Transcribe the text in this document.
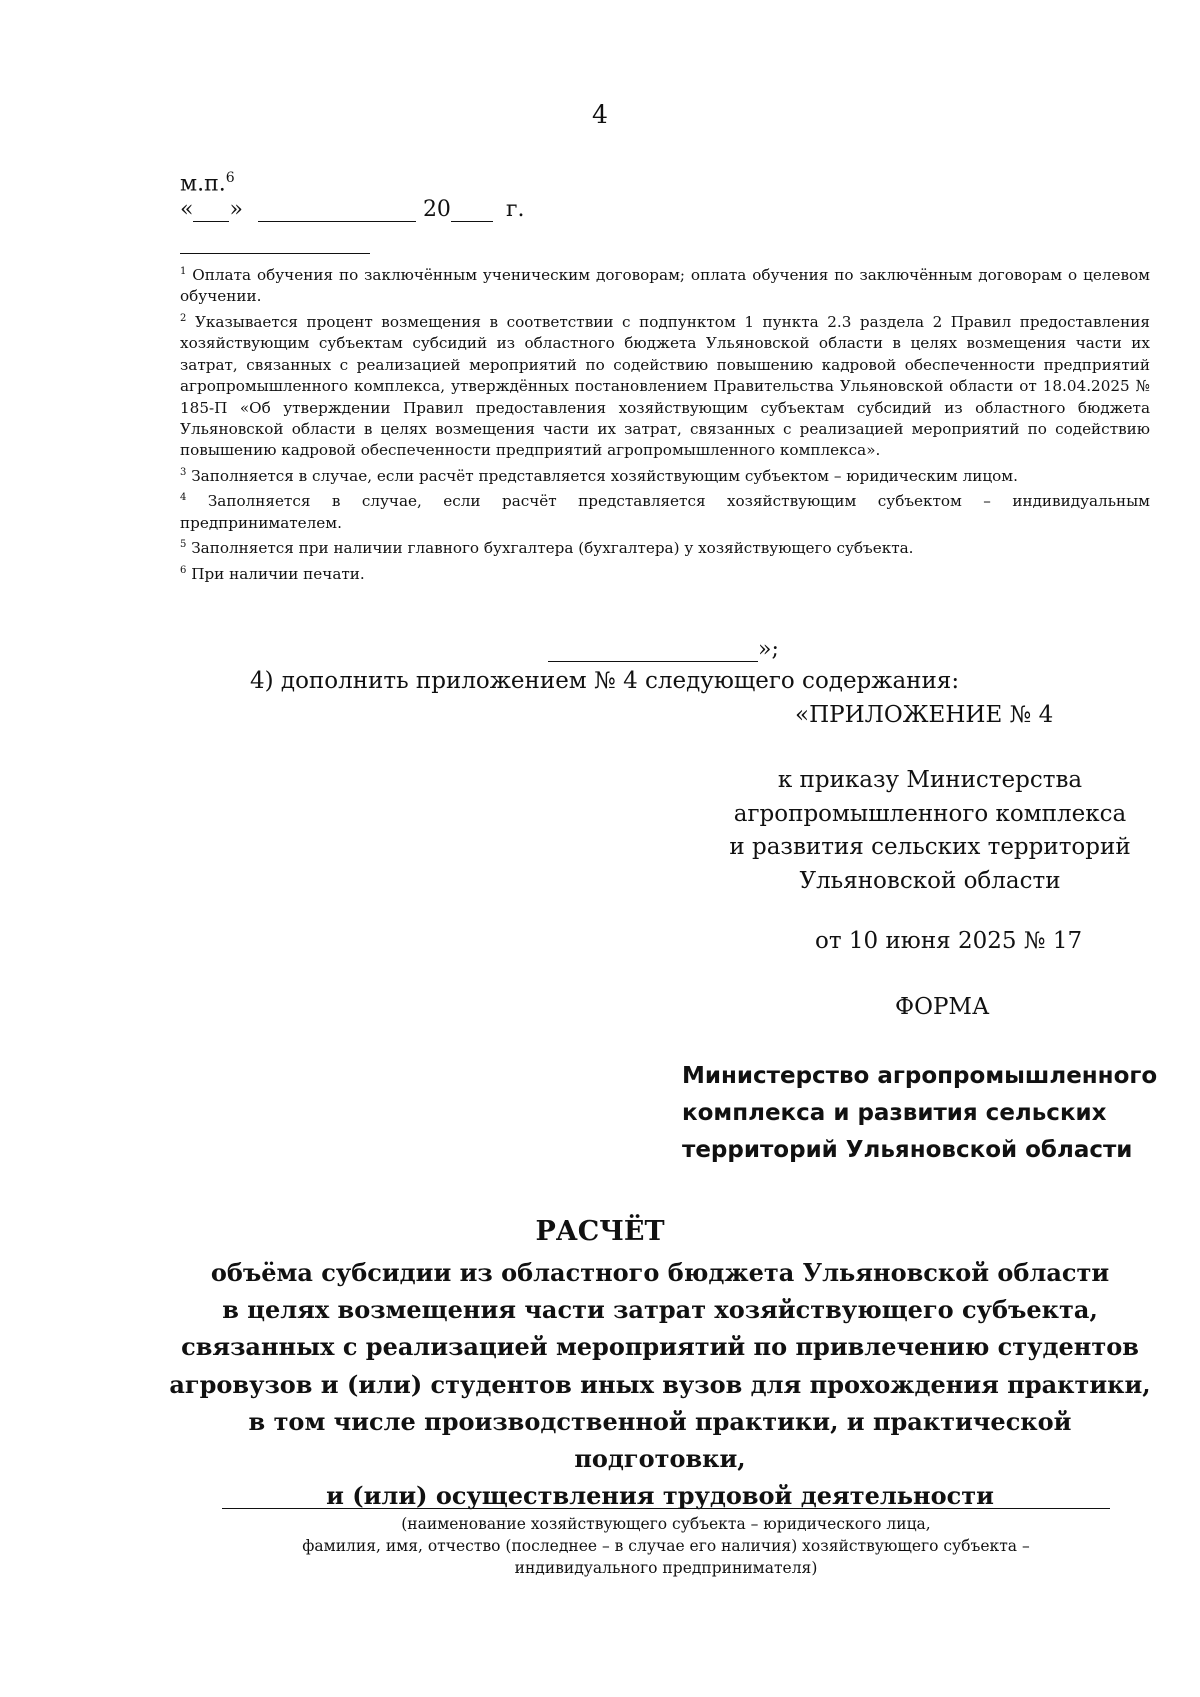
4
м.п.$^6$
« »	20	г.

$^1$ Оплата обучения по заключённым ученическим договорам; оплата обучения по заключённым договорам о целевом обучении.

$^2$ Указывается процент возмещения в соответствии с подпунктом 1 пункта 2.3 раздела 2 Правил предоставления хозяйствующим субъектам субсидий из областного бюджета Ульяновской области в целях возмещения части их затрат, связанных с реализацией мероприятий по содействию повышению кадровой обеспеченности предприятий агропромышленного комплекса, утверждённых постановлением Правительства Ульяновской области от 18.04.2025 № 185-П «Об утверждении Правил предоставления хозяйствующим субъектам субсидий из областного бюджета Ульяновской области в целях возмещения части их затрат, связанных с реализацией мероприятий по содействию повышению кадровой обеспеченности предприятий агропромышленного комплекса».

$^3$ Заполняется в случае, если расчёт представляется хозяйствующим субъектом – юридическим лицом.

$^4$ Заполняется в случае, если расчёт представляется хозяйствующим субъектом – индивидуальным предпринимателем.

$^5$ Заполняется при наличии главного бухгалтера (бухгалтера) у хозяйствующего субъекта.

$^6$ При наличии печати.

»;
4) дополнить приложением № 4 следующего содержания:
«ПРИЛОЖЕНИЕ № 4
к приказу Министерства
агропромышленного комплекса
и развития сельских территорий
Ульяновской области
от 10 июня 2025 № 17
ФОРМА
Министерство агропромышленного
комплекса и развития сельских
территорий Ульяновской области
РАСЧЁТ
объёма субсидии из областного бюджета Ульяновской области
в целях возмещения части затрат хозяйствующего субъекта,
связанных с реализацией мероприятий по привлечению студентов
агровузов и (или) студентов иных вузов для прохождения практики,
в том числе производственной практики, и практической подготовки,
и (или) осуществления трудовой деятельности
(наименование хозяйствующего субъекта – юридического лица,
фамилия, имя, отчество (последнее – в случае его наличия) хозяйствующего субъекта –
индивидуального предпринимателя)
